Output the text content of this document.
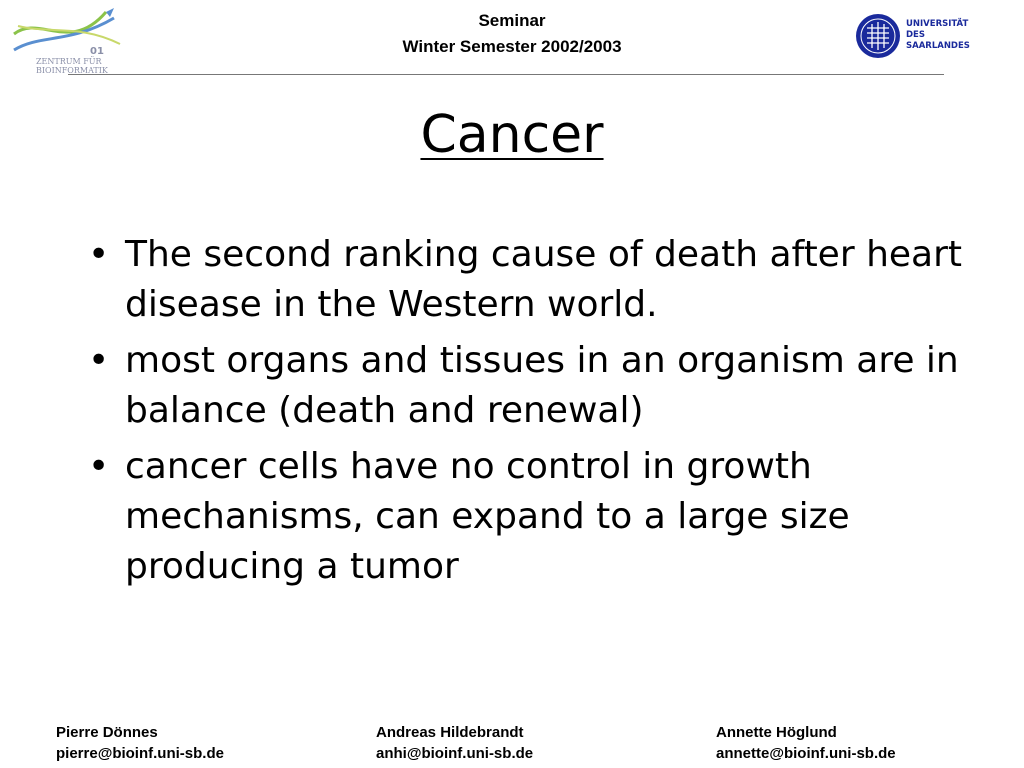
01
ZENTRUM FÜR
BIOINFORMATIK
Seminar
Winter Semester 2002/2003
UNIVERSITÄT
DES
SAARLANDES
Cancer
• The second ranking cause of death after heart disease in the Western world.
• most organs and tissues in an organism are in balance (death and renewal)
• cancer cells have no control in growth mechanisms, can expand to a large size producing a tumor
Pierre Dönnes
pierre@bioinf.uni-sb.de
Andreas Hildebrandt
anhi@bioinf.uni-sb.de
Annette Höglund
annette@bioinf.uni-sb.de
